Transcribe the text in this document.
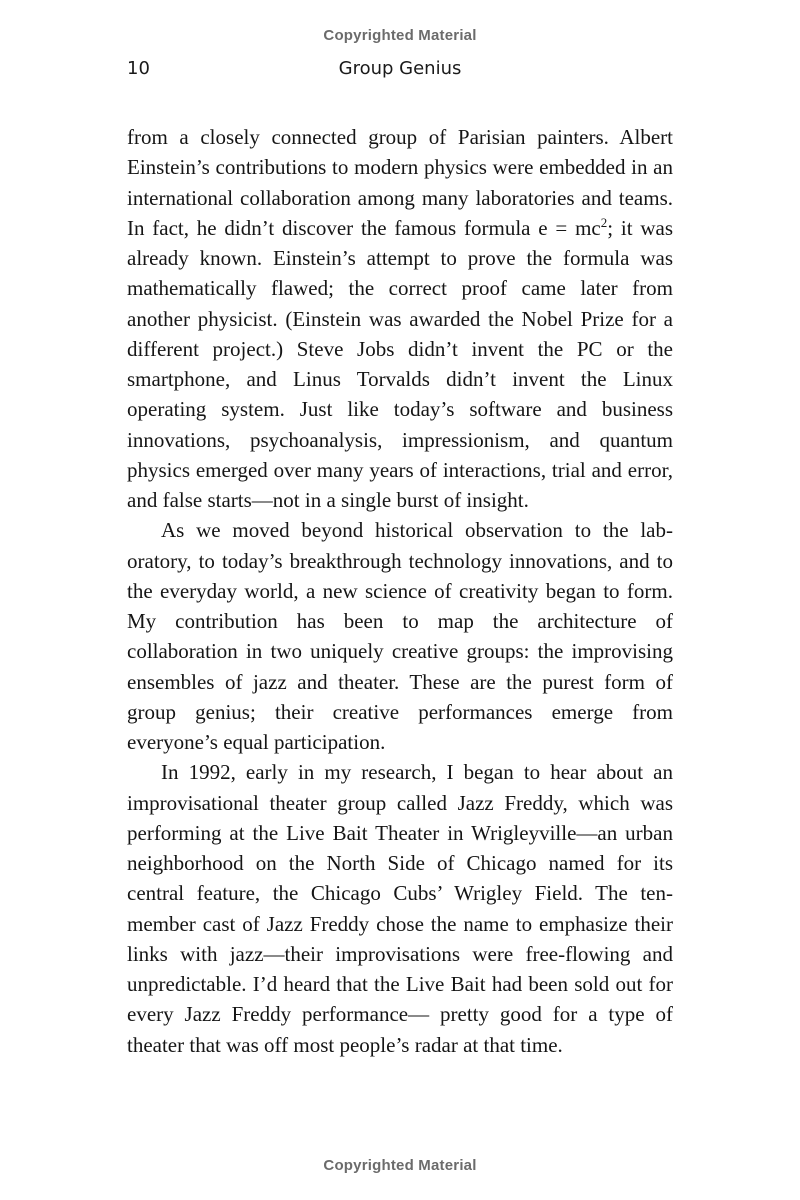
Copyrighted Material
10	Group Genius

from a closely connected group of Parisian painters. Albert Einstein’s contributions to modern physics were embedded in an international collaboration among many laboratories and teams. In fact, he didn’t discover the famous formula $e = mc^2$; it was already known. Einstein’s attempt to prove the formula was mathematically flawed; the correct proof came later from another physicist. (Einstein was awarded the Nobel Prize for a different project.) Steve Jobs didn’t invent the PC or the smartphone, and Linus Torvalds didn’t invent the Linux operating system. Just like today’s software and business innovations, psychoanalysis, impressionism, and quantum physics emerged over many years of interactions, trial and error, and false starts—not in a single burst of insight.

As we moved beyond historical observation to the laboratory, to today’s breakthrough technology innovations, and to the everyday world, a new science of creativity began to form. My contribution has been to map the architecture of collaboration in two uniquely creative groups: the improvising ensembles of jazz and theater. These are the purest form of group genius; their creative performances emerge from everyone’s equal participation.

In 1992, early in my research, I began to hear about an improvisational theater group called Jazz Freddy, which was performing at the Live Bait Theater in Wrigleyville—an urban neighborhood on the North Side of Chicago named for its central feature, the Chicago Cubs’ Wrigley Field. The ten-member cast of Jazz Freddy chose the name to emphasize their links with jazz—their improvisations were free-flowing and unpredictable. I’d heard that the Live Bait had been sold out for every Jazz Freddy performance— pretty good for a type of theater that was off most people’s radar at that time.

Copyrighted Material
